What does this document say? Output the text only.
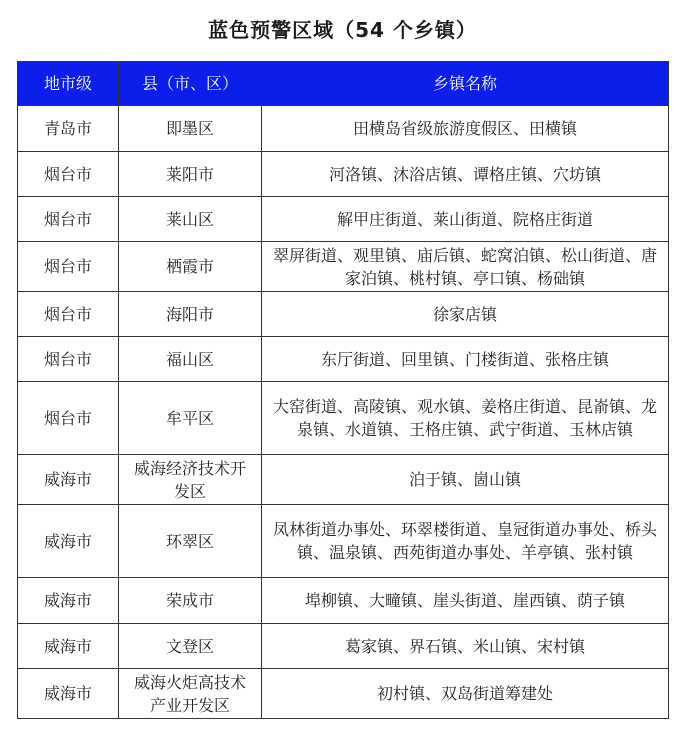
蓝色预警区域（54 个乡镇）
地市级	县（市、区）	乡镇名称
青岛市	即墨区	田横岛省级旅游度假区、田横镇
烟台市	莱阳市	河洛镇、沐浴店镇、谭格庄镇、穴坊镇
烟台市	莱山区	解甲庄街道、莱山街道、院格庄街道
烟台市	栖霞市	翠屏街道、观里镇、庙后镇、蛇窝泊镇、松山街道、唐家泊镇、桃村镇、亭口镇、杨础镇
烟台市	海阳市	徐家店镇
烟台市	福山区	东厅街道、回里镇、门楼街道、张格庄镇
烟台市	牟平区	大窑街道、高陵镇、观水镇、姜格庄街道、昆嵛镇、龙泉镇、水道镇、王格庄镇、武宁街道、玉林店镇
威海市	威海经济技术开发区	泊于镇、崮山镇
威海市	环翠区	凤林街道办事处、环翠楼街道、皇冠街道办事处、桥头镇、温泉镇、西苑街道办事处、羊亭镇、张村镇
威海市	荣成市	埠柳镇、大疃镇、崖头街道、崖西镇、荫子镇
威海市	文登区	葛家镇、界石镇、米山镇、宋村镇
威海市	威海火炬高技术产业开发区	初村镇、双岛街道筹建处
